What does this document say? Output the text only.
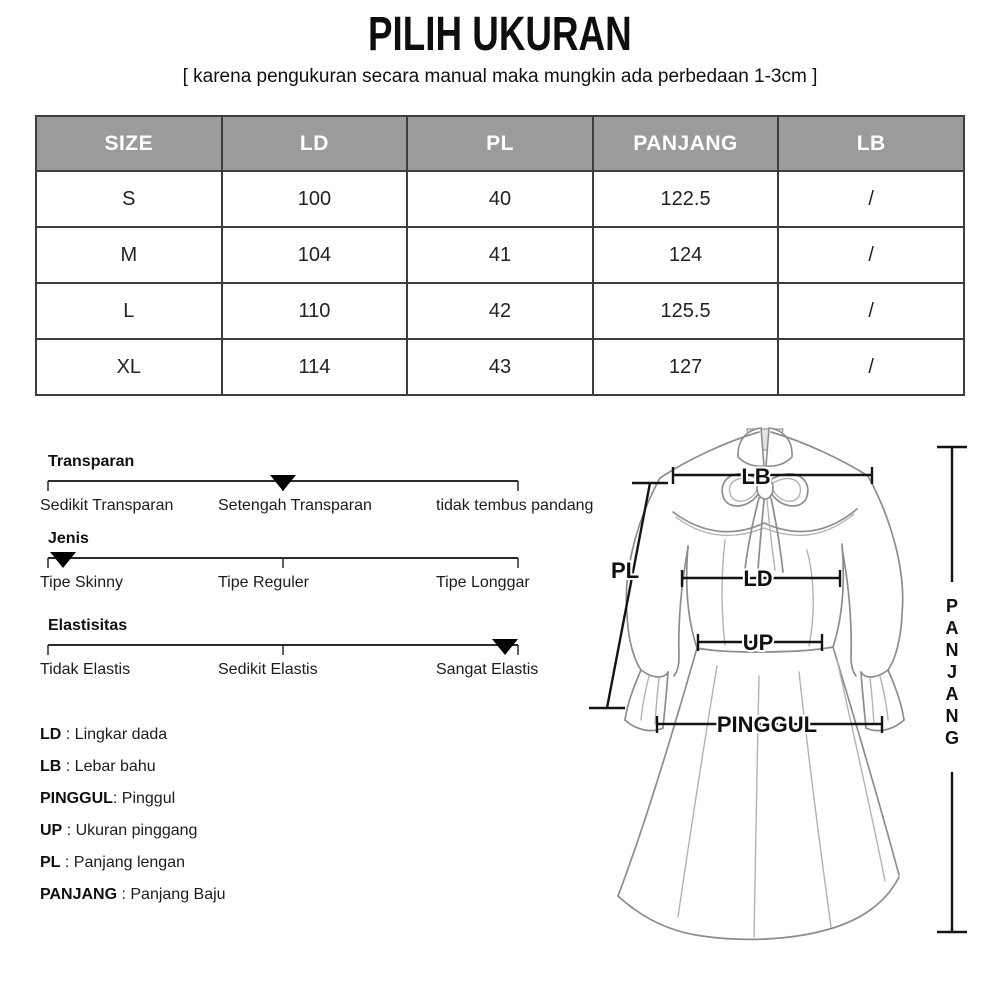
PILIH UKURAN
[ karena pengukuran secara manual maka mungkin ada perbedaan 1-3cm ]
SIZE	LD	PL	PANJANG	LB
S	100	40	122.5	/
M	104	41	124	/
L	110	42	125.5	/
XL	114	43	127	/
Transparan
Sedikit Transparan	Setengah Transparan	tidak tembus pandang
Jenis
Tipe Skinny	Tipe Reguler	Tipe Longgar
Elastisitas
Tidak Elastis	Sedikit Elastis	Sangat Elastis
LD : Lingkar dada
LB : Lebar bahu
PINGGUL: Pinggul
UP : Ukuran pinggang
PL : Panjang lengan
PANJANG : Panjang Baju
LB
PL	LD
UP
PINGGUL
P
A
N
J
A
N
G
